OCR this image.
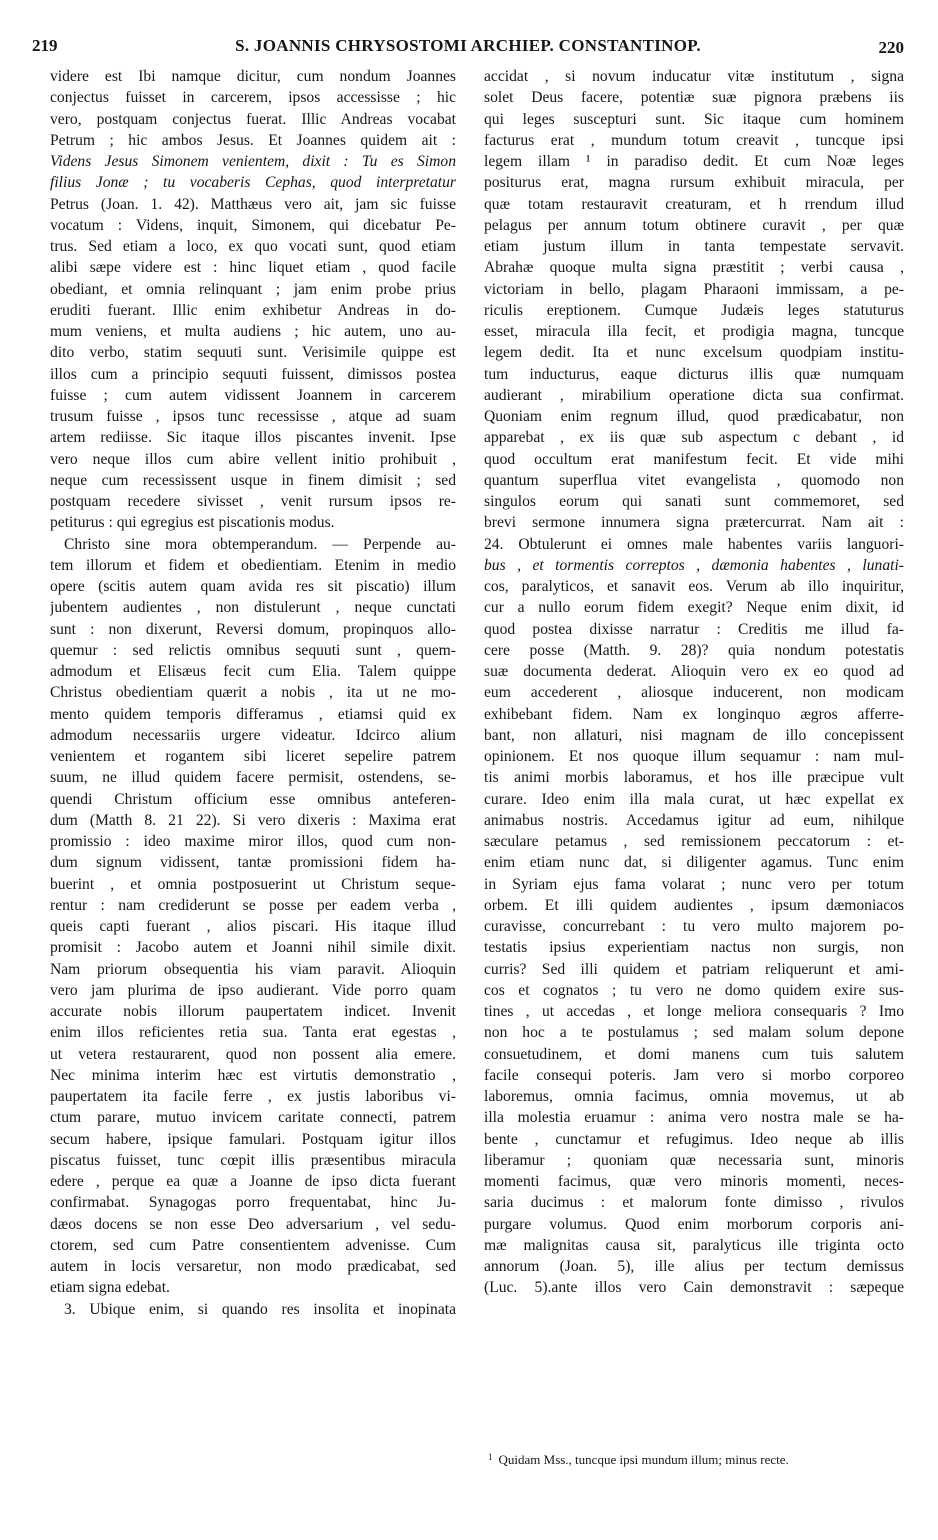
219	S. JOANNIS CHRYSOSTOMI ARCHIEP. CONSTANTINOP.	220
videre est Ibi namque dicitur, cum nondum Joannes
conjectus fuisset in carcerem, ipsos accessisse ; hic
vero, postquam conjectus fuerat. Illic Andreas vocabat
Petrum ; hic ambos Jesus. Et Joannes quidem ait :
Videns Jesus Simonem venientem, dixit : Tu es Simon
filius Jonæ ; tu vocaberis Cephas, quod interpretatur
Petrus (Joan. 1. 42). Matthæus vero ait, jam sic fuisse
vocatum : Videns, inquit, Simonem, qui dicebatur Pe-
trus. Sed etiam a loco, ex quo vocati sunt, quod etiam
alibi sæpe videre est : hinc liquet etiam , quod facile
obediant, et omnia relinquant ; jam enim probe prius
eruditi fuerant. Illic enim exhibetur Andreas in do-
mum veniens, et multa audiens ; hic autem, uno au-
dito verbo, statim sequuti sunt. Verisimile quippe est
illos cum a principio sequuti fuissent, dimissos postea
fuisse ; cum autem vidissent Joannem in carcerem
trusum fuisse , ipsos tunc recessisse , atque ad suam
artem rediisse. Sic itaque illos piscantes invenit. Ipse
vero neque illos cum abire vellent initio prohibuit ,
neque cum recessissent usque in finem dimisit ; sed
postquam recedere sivisset , venit rursum ipsos re-
petiturus : qui egregius est piscationis modus.
Christo sine mora obtemperandum. — Perpende au-
tem illorum et fidem et obedientiam. Etenim in medio
opere (scitis autem quam avida res sit piscatio) illum
jubentem audientes , non distulerunt , neque cunctati
sunt : non dixerunt, Reversi domum, propinquos allo-
quemur : sed relictis omnibus sequuti sunt , quem-
admodum et Elisæus fecit cum Elia. Talem quippe
Christus obedientiam quærit a nobis , ita ut ne mo-
mento quidem temporis differamus , etiamsi quid ex
admodum necessariis urgere videatur. Idcirco alium
venientem et rogantem sibi liceret sepelire patrem
suum, ne illud quidem facere permisit, ostendens, se-
quendi Christum officium esse omnibus anteferen-
dum (Matth 8. 21 22). Si vero dixeris : Maxima erat
promissio : ideo maxime miror illos, quod cum non-
dum signum vidissent, tantæ promissioni fidem ha-
buerint , et omnia postposuerint ut Christum seque-
rentur : nam crediderunt se posse per eadem verba ,
queis capti fuerant , alios piscari. His itaque illud
promisit : Jacobo autem et Joanni nihil simile dixit.
Nam priorum obsequentia his viam paravit. Alioquin
vero jam plurima de ipso audierant. Vide porro quam
accurate nobis illorum paupertatem indicet. Invenit
enim illos reficientes retia sua. Tanta erat egestas ,
ut vetera restaurarent, quod non possent alia emere.
Nec minima interim hæc est virtutis demonstratio ,
paupertatem ita facile ferre , ex justis laboribus vi-
ctum parare, mutuo invicem caritate connecti, patrem
secum habere, ipsique famulari. Postquam igitur illos
piscatus fuisset, tunc cœpit illis præsentibus miracula
edere , perque ea quæ a Joanne de ipso dicta fuerant
confirmabat. Synagogas porro frequentabat, hinc Ju-
dæos docens se non esse Deo adversarium , vel sedu-
ctorem, sed cum Patre consentientem advenisse. Cum
autem in locis versaretur, non modo prædicabat, sed
etiam signa edebat.
3. Ubique enim, si quando res insolita et inopinata
accidat , si novum inducatur vitæ institutum , signa
solet Deus facere, potentiæ suæ pignora præbens iis
qui leges suscepturi sunt. Sic itaque cum hominem
facturus erat , mundum totum creavit , tuncque ipsi
legem illam ¹ in paradiso dedit. Et cum Noæ leges
positurus erat, magna rursum exhibuit miracula, per
quæ totam restauravit creaturam, et h rrendum illud
pelagus per annum totum obtinere curavit , per quæ
etiam justum illum in tanta tempestate servavit.
Abrahæ quoque multa signa præstitit ; verbi causa ,
victoriam in bello, plagam Pharaoni immissam, a pe-
riculis ereptionem. Cumque Judæis leges statuturus
esset, miracula illa fecit, et prodigia magna, tuncque
legem dedit. Ita et nunc excelsum quodpiam institu-
tum inducturus, eaque dicturus illis quæ numquam
audierant , mirabilium operatione dicta sua confirmat.
Quoniam enim regnum illud, quod prædicabatur, non
apparebat , ex iis quæ sub aspectum c debant , id
quod occultum erat manifestum fecit. Et vide mihi
quantum superflua vitet evangelista , quomodo non
singulos eorum qui sanati sunt commemoret, sed
brevi sermone innumera signa prætercurrat. Nam ait :
24. Obtulerunt ei omnes male habentes variis languori-
bus , et tormentis correptos , dæmonia habentes , lunati-
cos, paralyticos, et sanavit eos. Verum ab illo inquiritur,
cur a nullo eorum fidem exegit? Neque enim dixit, id
quod postea dixisse narratur : Creditis me illud fa-
cere posse (Matth. 9. 28)? quia nondum potestatis
suæ documenta dederat. Alioquin vero ex eo quod ad
eum accederent , aliosque inducerent, non modicam
exhibebant fidem. Nam ex longinquo ægros afferre-
bant, non allaturi, nisi magnam de illo concepissent
opinionem. Et nos quoque illum sequamur : nam mul-
tis animi morbis laboramus, et hos ille præcipue vult
curare. Ideo enim illa mala curat, ut hæc expellat ex
animabus nostris. Accedamus igitur ad eum, nihilque
sæculare petamus , sed remissionem peccatorum : et-
enim etiam nunc dat, si diligenter agamus. Tunc enim
in Syriam ejus fama volarat ; nunc vero per totum
orbem. Et illi quidem audientes , ipsum dæmoniacos
curavisse, concurrebant : tu vero multo majorem po-
testatis ipsius experientiam nactus non surgis, non
curris? Sed illi quidem et patriam reliquerunt et ami-
cos et cognatos ; tu vero ne domo quidem exire sus-
tines , ut accedas , et longe meliora consequaris ? Imo
non hoc a te postulamus ; sed malam solum depone
consuetudinem, et domi manens cum tuis salutem
facile consequi poteris. Jam vero si morbo corporeo
laboremus, omnia facimus, omnia movemus, ut ab
illa molestia eruamur : anima vero nostra male se ha-
bente , cunctamur et refugimus. Ideo neque ab illis
liberamur ; quoniam quæ necessaria sunt, minoris
momenti facimus, quæ vero minoris momenti, neces-
saria ducimus : et malorum fonte dimisso , rivulos
purgare volumus. Quod enim morborum corporis ani-
mæ malignitas causa sit, paralyticus ille triginta octo
annorum (Joan. 5), ille alius per tectum demissus
(Luc. 5).ante illos vero Cain demonstravit : sæpeque
$^1$ Quidam Mss., tuncque ipsi mundum illum; minus recte.
